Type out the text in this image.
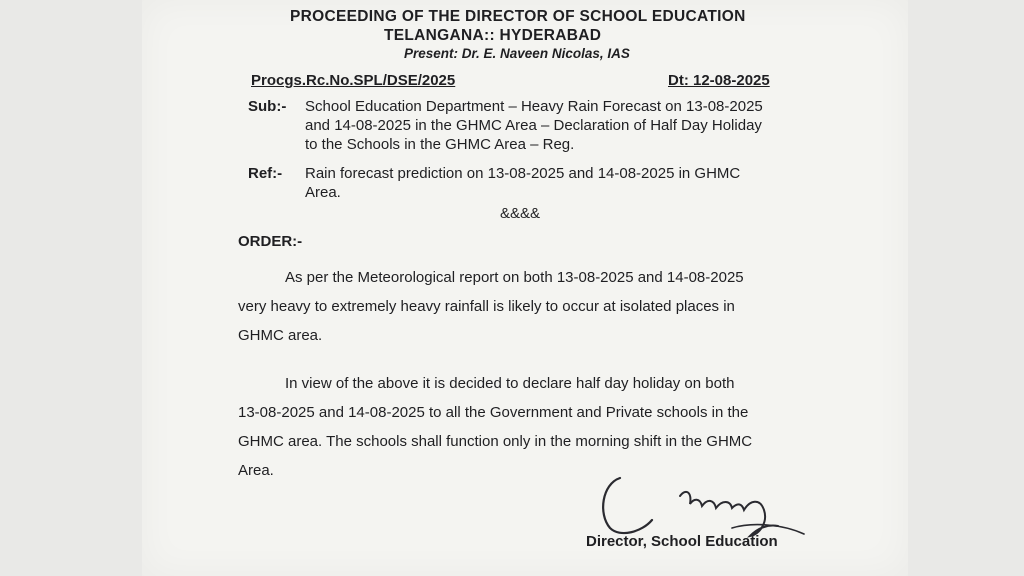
PROCEEDING OF THE DIRECTOR OF SCHOOL EDUCATION
TELANGANA:: HYDERABAD
Present: Dr. E. Naveen Nicolas, IAS
Procgs.Rc.No.SPL/DSE/2025	Dt: 12-08-2025
Sub:- School Education Department – Heavy Rain Forecast on 13-08-2025
and 14-08-2025 in the GHMC Area – Declaration of Half Day Holiday
to the Schools in the GHMC Area – Reg.
Ref:- Rain forecast prediction on 13-08-2025 and 14-08-2025 in GHMC
Area.
&&&&
ORDER:-
As per the Meteorological report on both 13-08-2025 and 14-08-2025
very heavy to extremely heavy rainfall is likely to occur at isolated places in
GHMC area.
In view of the above it is decided to declare half day holiday on both
13-08-2025 and 14-08-2025 to all the Government and Private schools in the
GHMC area. The schools shall function only in the morning shift in the GHMC
Area.
Director, School Education
